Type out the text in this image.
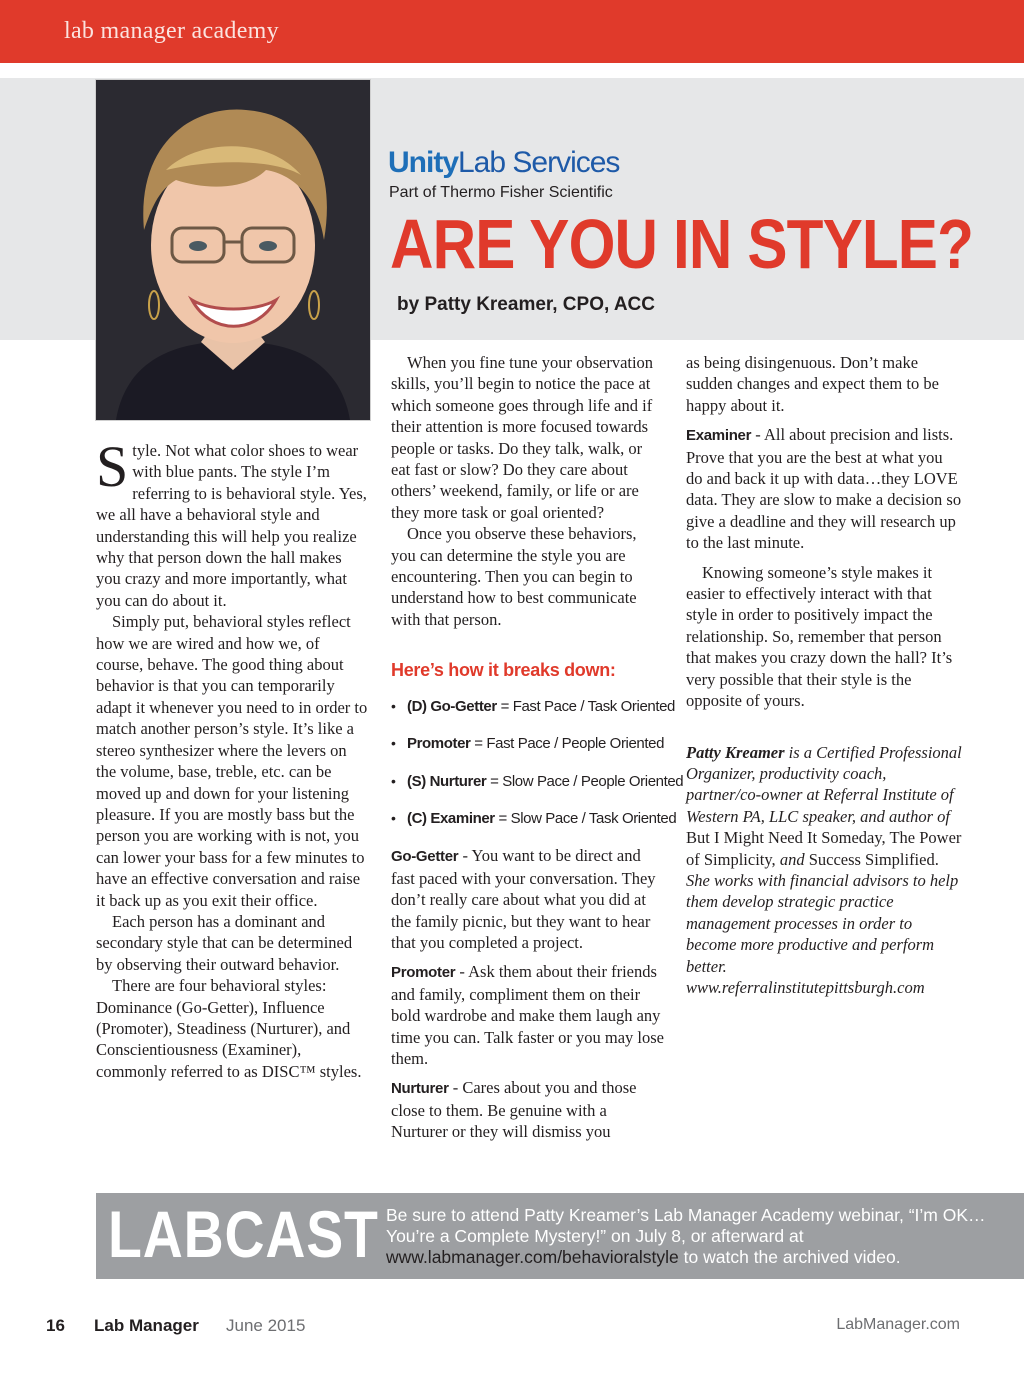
lab manager academy
UnityLab Services
Part of Thermo Fisher Scientific
ARE YOU IN STYLE?
by Patty Kreamer, CPO, ACC

Style. Not what color shoes to wear with blue pants. The style I’m referring to is behavioral style. Yes, we all have a behavioral style and understanding this will help you realize why that person down the hall makes you crazy and more importantly, what you can do about it.

Simply put, behavioral styles reflect how we are wired and how we, of course, behave. The good thing about behavior is that you can temporarily adapt it whenever you need to in order to match another person’s style. It’s like a stereo synthesizer where the levers on the volume, base, treble, etc. can be moved up and down for your listening pleasure. If you are mostly bass but the person you are working with is not, you can lower your bass for a few minutes to have an effective conversation and raise it back up as you exit their office.

Each person has a dominant and secondary style that can be determined by observing their outward behavior.

There are four behavioral styles: Dominance (Go-Getter), Influence (Promoter), Steadiness (Nurturer), and Conscientiousness (Examiner), commonly referred to as DISC™ styles.

When you fine tune your observation skills, you’ll begin to notice the pace at which someone goes through life and if their attention is more focused towards people or tasks. Do they talk, walk, or eat fast or slow? Do they care about others’ weekend, family, or life or are they more task or goal oriented?

Once you observe these behaviors, you can determine the style you are encountering. Then you can begin to understand how to best communicate with that person.

Here’s how it breaks down:
• (D) Go-Getter = Fast Pace / Task Oriented
• Promoter = Fast Pace / People Oriented
• (S) Nurturer = Slow Pace / People Oriented
• (C) Examiner = Slow Pace / Task Oriented

Go-Getter - You want to be direct and fast paced with your conversation. They don’t really care about what you did at the family picnic, but they want to hear that you completed a project.

Promoter - Ask them about their friends and family, compliment them on their bold wardrobe and make them laugh any time you can. Talk faster or you may lose them.

Nurturer - Cares about you and those close to them. Be genuine with a Nurturer or they will dismiss you

as being disingenuous. Don’t make sudden changes and expect them to be happy about it.

Examiner - All about precision and lists. Prove that you are the best at what you do and back it up with data…they LOVE data. They are slow to make a decision so give a deadline and they will research up to the last minute.

Knowing someone’s style makes it easier to effectively interact with that style in order to positively impact the relationship. So, remember that person that makes you crazy down the hall? It’s very possible that their style is the opposite of yours.

Patty Kreamer is a Certified Professional Organizer, productivity coach, partner/co-owner at Referral Institute of Western PA, LLC speaker, and author of But I Might Need It Someday, The Power of Simplicity, and Success Simplified. She works with financial advisors to help them develop strategic practice management processes in order to become more productive and perform better. www.referralinstitutepittsburgh.com

LABCAST Be sure to attend Patty Kreamer’s Lab Manager Academy webinar, “I’m OK…You’re a Complete Mystery!” on July 8, or afterward at
www.labmanager.com/behavioralstyle to watch the archived video.
16 Lab Manager June 2015	LabManager.com
